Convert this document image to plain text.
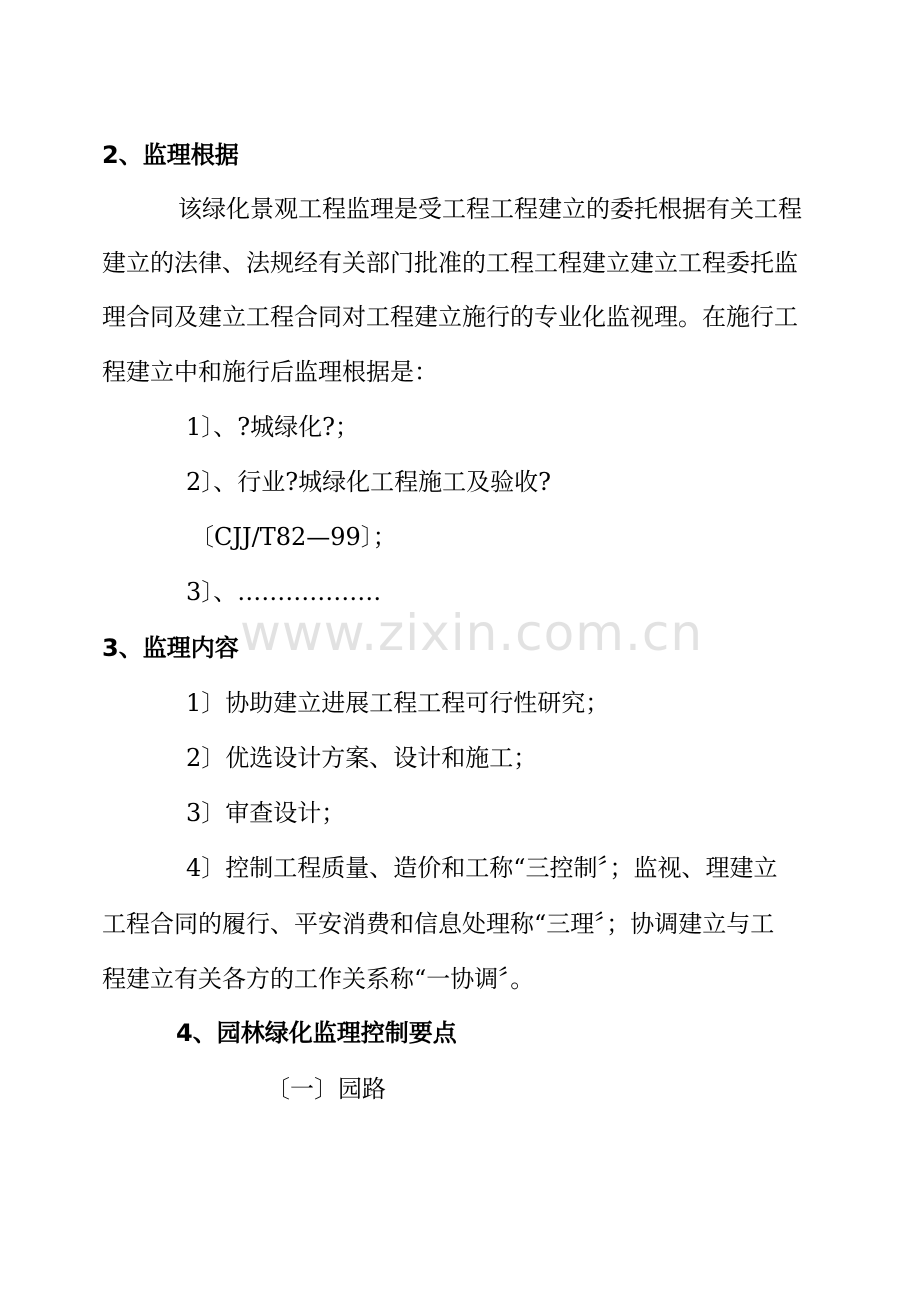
www.zixin.com.cn
2、监理根据
该绿化景观工程监理是受工程工程建立的委托根据有关工程
建立的法律、法规经有关部门批准的工程工程建立建立工程委托监
理合同及建立工程合同对工程建立施行的专业化监视理。在施行工
程建立中和施行后监理根据是：
1〕、?城绿化?；
2〕、行业?城绿化工程施工及验收?
〔CJJ/T82—99〕；
3〕、………………
3、监理内容
1〕协助建立进展工程工程可行性研究；
2〕优选设计方案、设计和施工；
3〕审查设计；
4〕控制工程质量、造价和工称“三控制〞；监视、理建立
工程合同的履行、平安消费和信息处理称“三理〞；协调建立与工
程建立有关各方的工作关系称“一协调〞。
4、园林绿化监理控制要点
〔一〕园路
